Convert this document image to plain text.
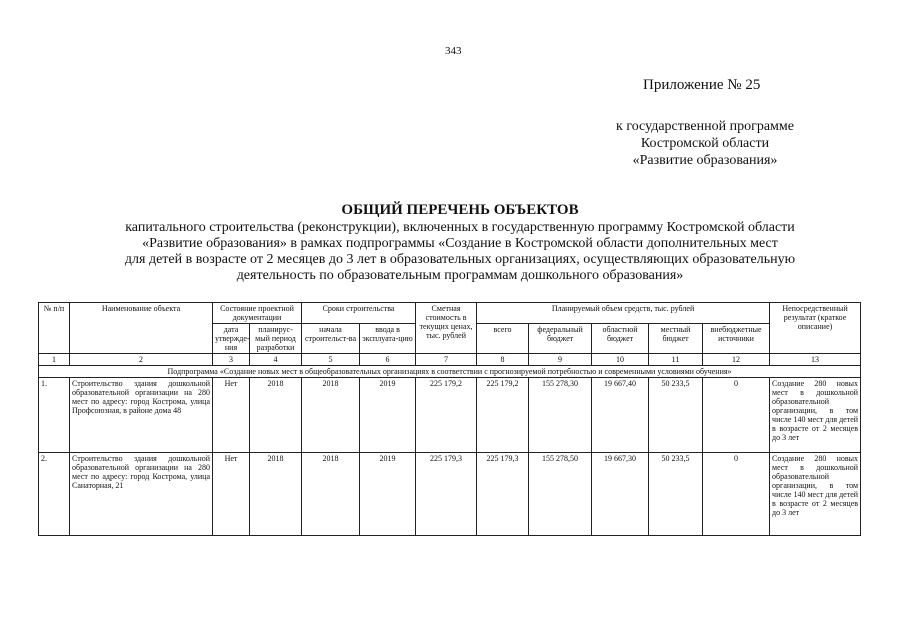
343
Приложение № 25
к государственной программе
Костромской области
«Развитие образования»
ОБЩИЙ ПЕРЕЧЕНЬ ОБЪЕКТОВ
капитального строительства (реконструкции), включенных в государственную программу Костромской области
«Развитие образования» в рамках подпрограммы «Создание в Костромской области дополнительных мест
для детей в возрасте от 2 месяцев до 3 лет в образовательных организациях, осуществляющих образовательную
деятельность по образовательным программам дошкольного образования»
№ п/п	Наименование объекта	Состояние проектной документации		Сроки строительства		Сметная стоимость в текущих ценах, тыс. рублей	Планируемый объем средств, тыс. рублей					Непосредственный результат (краткое описание)
		дата утвержде-ния	планирус-мый период разработки	начала строительст-ва	ввода в эксплуата-цию		всего	федеральный бюджет	областной бюджет	местный бюджет	внебюджетные источники	
1	2	3	4	5	6	7	8	9	10	11	12	13
Подпрограмма «Создание новых мест в общеобразовательных организациях в соответствии с прогнозируемой потребностью и современными условиями обучения»												
1.	Строительство здания дошкольной образовательной организации на 280 мест по адресу: город Кострома, улица Профсоюзная, в районе дома 48	Нет	2018	2018	2019	225 179,2	225 179,2	155 278,30	19 667,40	50 233,5	0	Создание 280 новых мест в дошкольной образовательной организации, в том числе 140 мест для детей в возрасте от 2 месяцев до 3 лет
2.	Строительство здания дошкольной образовательной организации на 280 мест по адресу: город Кострома, улица Санаторная, 21	Нет	2018	2018	2019	225 179,3	225 179,3	155 278,50	19 667,30	50 233,5	0	Создание 280 новых мест в дошкольной образовательной организации, в том числе 140 мест для детей в возрасте от 2 месяцев до 3 лет
